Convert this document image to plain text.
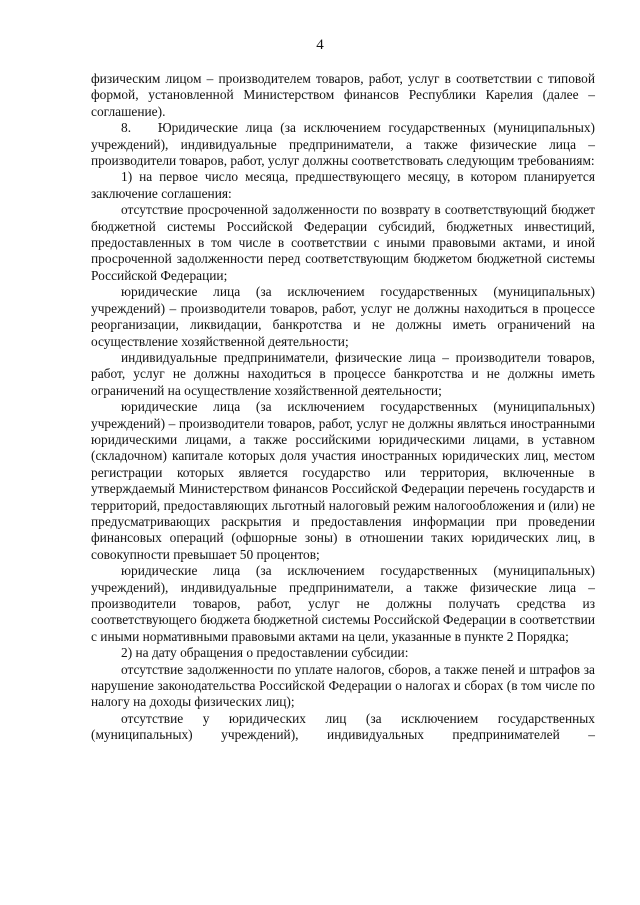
4

физическим лицом – производителем товаров, работ, услуг в соответствии с типовой формой, установленной Министерством финансов Республики Карелия (далее – соглашение).

8.  Юридические лица (за исключением государственных (муниципальных) учреждений), индивидуальные предприниматели, а также физические лица – производители товаров, работ, услуг должны соответствовать следующим требованиям:

1) на первое число месяца, предшествующего месяцу, в котором планируется заключение соглашения:

отсутствие просроченной задолженности по возврату в соответствующий бюджет бюджетной системы Российской Федерации субсидий, бюджетных инвестиций, предоставленных в том числе в соответствии с иными правовыми актами, и иной просроченной задолженности перед соответствующим бюджетом бюджетной системы Российской Федерации;

юридические лица (за исключением государственных (муниципальных) учреждений) – производители товаров, работ, услуг не должны находиться в процессе реорганизации, ликвидации, банкротства и не должны иметь ограничений на осуществление хозяйственной деятельности;

индивидуальные предприниматели, физические лица – производители товаров, работ, услуг не должны находиться в процессе банкротства и не должны иметь ограничений на осуществление хозяйственной деятельности;

юридические лица (за исключением государственных (муниципальных) учреждений) – производители товаров, работ, услуг не должны являться иностранными юридическими лицами, а также российскими юридическими лицами, в уставном (складочном) капитале которых доля участия иностранных юридических лиц, местом регистрации которых является государство или территория, включенные в утверждаемый Министерством финансов Российской Федерации перечень государств и территорий, предоставляющих льготный налоговый режим налогообложения и (или) не предусматривающих раскрытия и предоставления информации при проведении финансовых операций (офшорные зоны) в отношении таких юридических лиц, в совокупности превышает 50 процентов;

юридические лица (за исключением государственных (муниципальных) учреждений), индивидуальные предприниматели, а также физические лица – производители товаров, работ, услуг не должны получать средства из соответствующего бюджета бюджетной системы Российской Федерации в соответствии с иными нормативными правовыми актами на цели, указанные в пункте 2 Порядка;

2) на дату обращения о предоставлении субсидии:

отсутствие задолженности по уплате налогов, сборов, а также пеней и штрафов за нарушение законодательства Российской Федерации о налогах и сборах (в том числе по налогу на доходы физических лиц);

отсутствие у юридических лиц (за исключением государственных (муниципальных) учреждений), индивидуальных предпринимателей –
